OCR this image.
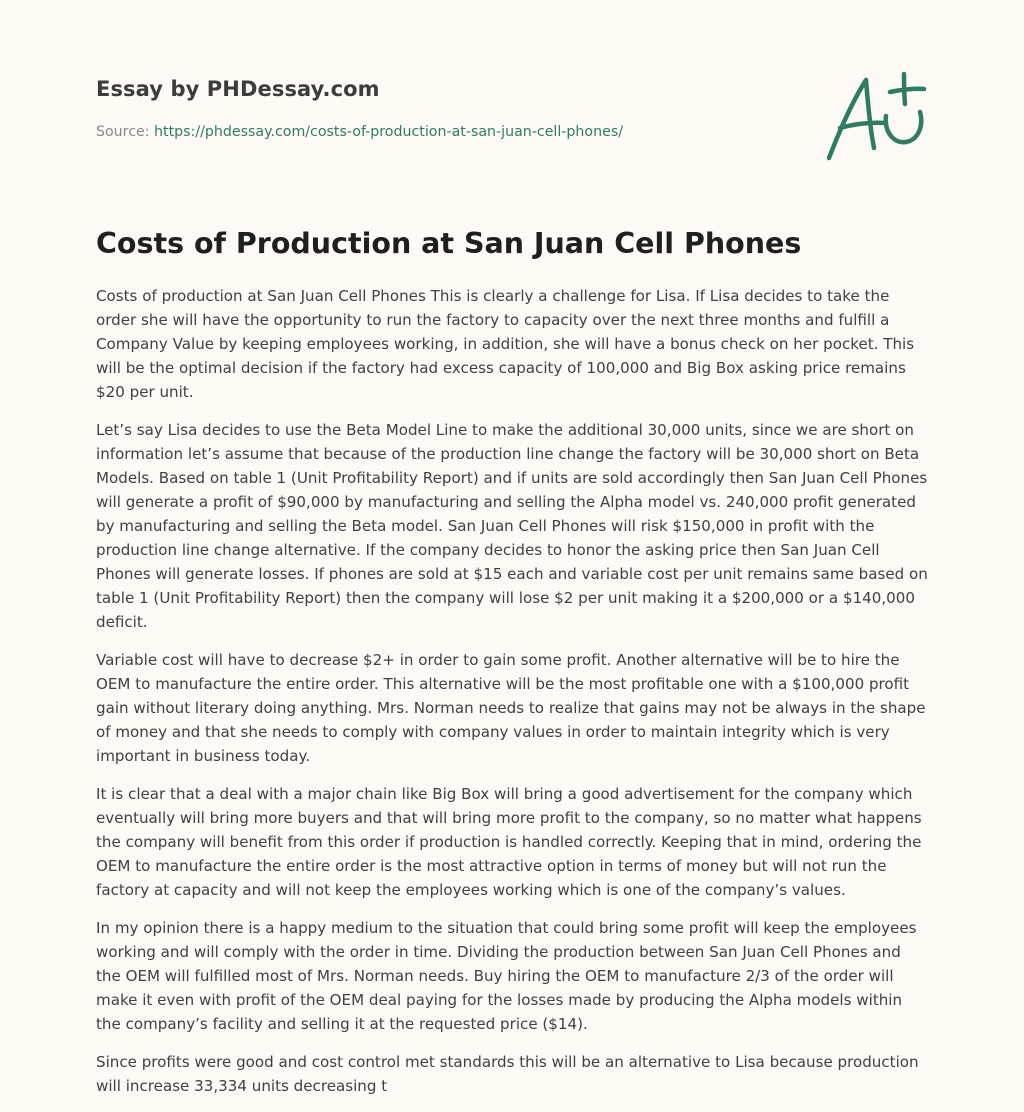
Essay by PHDessay.com
Source: https://phdessay.com/costs-of-production-at-san-juan-cell-phones/
Costs of Production at San Juan Cell Phones

Costs of production at San Juan Cell Phones This is clearly a challenge for Lisa. If Lisa decides to take the order she will have the opportunity to run the factory to capacity over the next three months and fulfill a Company Value by keeping employees working, in addition, she will have a bonus check on her pocket. This will be the optimal decision if the factory had excess capacity of 100,000 and Big Box asking price remains $20 per unit.

Let’s say Lisa decides to use the Beta Model Line to make the additional 30,000 units, since we are short on information let’s assume that because of the production line change the factory will be 30,000 short on Beta Models. Based on table 1 (Unit Profitability Report) and if units are sold accordingly then San Juan Cell Phones will generate a profit of $90,000 by manufacturing and selling the Alpha model vs. 240,000 profit generated by manufacturing and selling the Beta model. San Juan Cell Phones will risk $150,000 in profit with the production line change alternative. If the company decides to honor the asking price then San Juan Cell Phones will generate losses. If phones are sold at $15 each and variable cost per unit remains same based on table 1 (Unit Profitability Report) then the company will lose $2 per unit making it a $200,000 or a $140,000 deficit.

Variable cost will have to decrease $2+ in order to gain some profit. Another alternative will be to hire the OEM to manufacture the entire order. This alternative will be the most profitable one with a $100,000 profit gain without literary doing anything. Mrs. Norman needs to realize that gains may not be always in the shape of money and that she needs to comply with company values in order to maintain integrity which is very important in business today.

It is clear that a deal with a major chain like Big Box will bring a good advertisement for the company which eventually will bring more buyers and that will bring more profit to the company, so no matter what happens the company will benefit from this order if production is handled correctly. Keeping that in mind, ordering the OEM to manufacture the entire order is the most attractive option in terms of money but will not run the factory at capacity and will not keep the employees working which is one of the company’s values.

In my opinion there is a happy medium to the situation that could bring some profit will keep the employees working and will comply with the order in time. Dividing the production between San Juan Cell Phones and the OEM will fulfilled most of Mrs. Norman needs. Buy hiring the OEM to manufacture 2/3 of the order will make it even with profit of the OEM deal paying for the losses made by producing the Alpha models within the company’s facility and selling it at the requested price ($14).

Since profits were good and cost control met standards this will be an alternative to Lisa because production will increase 33,334 units decreasing t
